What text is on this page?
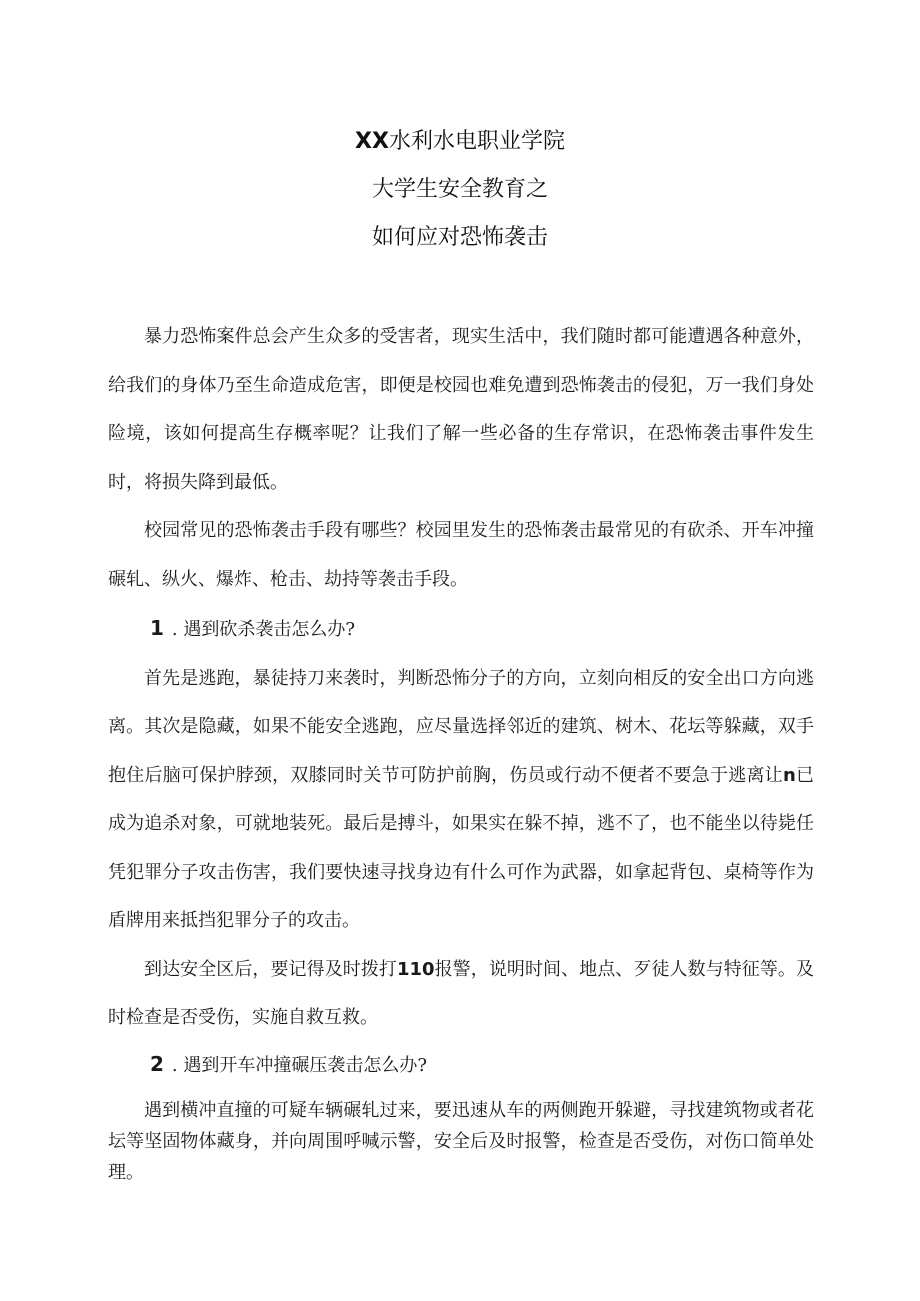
XX水利水电职业学院
大学生安全教育之
如何应对恐怖袭击

暴力恐怖案件总会产生众多的受害者，现实生活中，我们随时都可能遭遇各种意外，给我们的身体乃至生命造成危害，即便是校园也难免遭到恐怖袭击的侵犯，万一我们身处险境，该如何提高生存概率呢？让我们了解一些必备的生存常识，在恐怖袭击事件发生时，将损失降到最低。

校园常见的恐怖袭击手段有哪些？校园里发生的恐怖袭击最常见的有砍杀、开车冲撞碾轧、纵火、爆炸、枪击、劫持等袭击手段。

1 . 遇到砍杀袭击怎么办?

首先是逃跑，暴徒持刀来袭时，判断恐怖分子的方向，立刻向相反的安全出口方向逃离。其次是隐藏，如果不能安全逃跑，应尽量选择邻近的建筑、树木、花坛等躲藏，双手抱住后脑可保护脖颈，双膝同时关节可防护前胸，伤员或行动不便者不要急于逃离让n已成为追杀对象，可就地装死。最后是搏斗，如果实在躲不掉，逃不了，也不能坐以待毙任凭犯罪分子攻击伤害，我们要快速寻找身边有什么可作为武器，如拿起背包、桌椅等作为盾牌用来抵挡犯罪分子的攻击。

到达安全区后，要记得及时拨打110报警，说明时间、地点、歹徒人数与特征等。及时检查是否受伤，实施自救互救。

2 . 遇到开车冲撞碾压袭击怎么办?

遇到横冲直撞的可疑车辆碾轧过来，要迅速从车的两侧跑开躲避，寻找建筑物或者花坛等坚固物体藏身，并向周围呼喊示警，安全后及时报警，检查是否受伤，对伤口简单处理。
